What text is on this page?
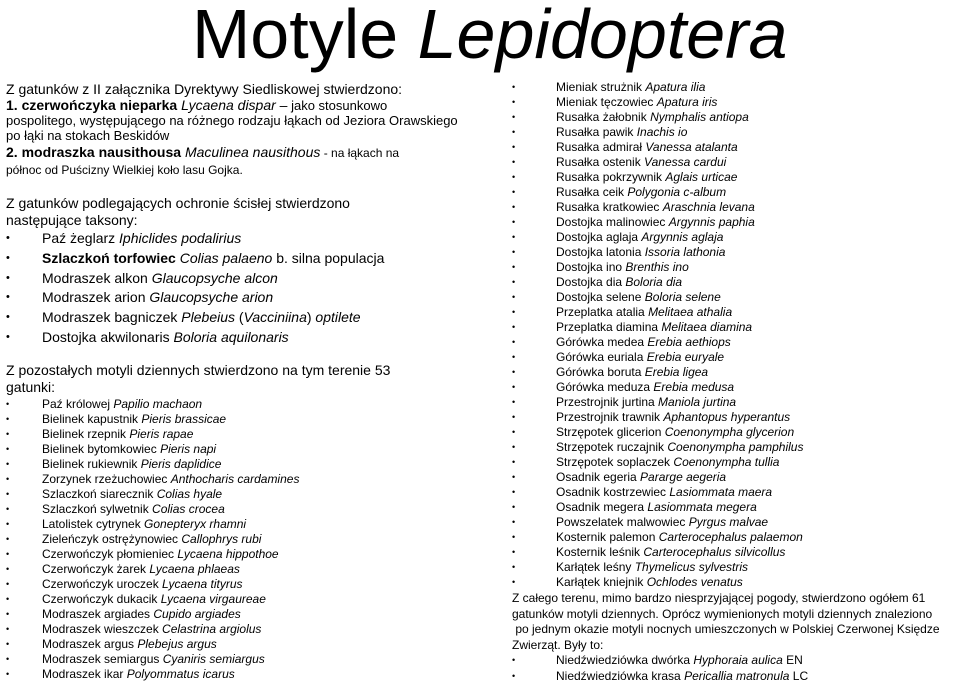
Motyle Lepidoptera
Z gatunków z II załącznika Dyrektywy Siedliskowej stwierdzono:
1. czerwończyka nieparka Lycaena dispar – jako stosunkowo
pospolitego, występującego na różnego rodzaju łąkach od Jeziora Orawskiego
po łąki na stokach Beskidów
2. modraszka nausithousa Maculinea nausithous - na łąkach na
północ od Puścizny Wielkiej koło lasu Gojka.
Z gatunków podlegających ochronie ścisłej stwierdzono
następujące taksony:
• Paź żeglarz Iphiclides podalirius
• Szlaczkoń torfowiec Colias palaeno b. silna populacja
• Modraszek alkon Glaucopsyche alcon
• Modraszek arion Glaucopsyche arion
• Modraszek bagniczek Plebeius (Vacciniina) optilete
• Dostojka akwilonaris Boloria aquilonaris
Z pozostałych motyli dziennych stwierdzono na tym terenie 53
gatunki:
• Paź królowej Papilio machaon
• Bielinek kapustnik Pieris brassicae
• Bielinek rzepnik Pieris rapae
• Bielinek bytomkowiec Pieris napi
• Bielinek rukiewnik Pieris daplidice
• Zorzynek rzeżuchowiec Anthocharis cardamines
• Szlaczkoń siarecznik Colias hyale
• Szlaczkoń sylwetnik Colias crocea
• Latolistek cytrynek Gonepteryx rhamni
• Zieleńczyk ostrężynowiec Callophrys rubi
• Czerwończyk płomieniec Lycaena hippothoe
• Czerwończyk żarek Lycaena phlaeas
• Czerwończyk uroczek Lycaena tityrus
• Czerwończyk dukacik Lycaena virgaureae
• Modraszek argiades Cupido argiades
• Modraszek wieszczek Celastrina argiolus
• Modraszek argus Plebejus argus
• Modraszek semiargus Cyaniris semiargus
• Modraszek ikar Polyommatus icarus
• Mieniak strużnik Apatura ilia
• Mieniak tęczowiec Apatura iris
• Rusałka żałobnik Nymphalis antiopa
• Rusałka pawik Inachis io
• Rusałka admirał Vanessa atalanta
• Rusałka ostenik Vanessa cardui
• Rusałka pokrzywnik Aglais urticae
• Rusałka ceik Polygonia c-album
• Rusałka kratkowiec Araschnia levana
• Dostojka malinowiec Argynnis paphia
• Dostojka aglaja Argynnis aglaja
• Dostojka latonia Issoria lathonia
• Dostojka ino Brenthis ino
• Dostojka dia Boloria dia
• Dostojka selene Boloria selene
• Przeplatka atalia Melitaea athalia
• Przeplatka diamina Melitaea diamina
• Górówka medea Erebia aethiops
• Górówka euriala Erebia euryale
• Górówka boruta Erebia ligea
• Górówka meduza Erebia medusa
• Przestrojnik jurtina Maniola jurtina
• Przestrojnik trawnik Aphantopus hyperantus
• Strzępotek glicerion Coenonympha glycerion
• Strzępotek ruczajnik Coenonympha pamphilus
• Strzępotek soplaczek Coenonympha tullia
• Osadnik egeria Pararge aegeria
• Osadnik kostrzewiec Lasiommata maera
• Osadnik megera Lasiommata megera
• Powszelatek malwowiec Pyrgus malvae
• Kosternik palemon Carterocephalus palaemon
• Kosternik leśnik Carterocephalus silvicollus
• Karłątek leśny Thymelicus sylvestris
• Karłątek kniejnik Ochlodes venatus
Z całego terenu, mimo bardzo niesprzyjającej pogody, stwierdzono ogółem 61
gatunków motyli dziennych. Oprócz wymienionych motyli dziennych znaleziono
po jednym okazie motyli nocnych umieszczonych w Polskiej Czerwonej Księdze
Zwierząt. Były to:
• Niedźwiedziówka dwórka Hyphoraia aulica EN
• Niedźwiedziówka krasa Pericallia matronula LC
